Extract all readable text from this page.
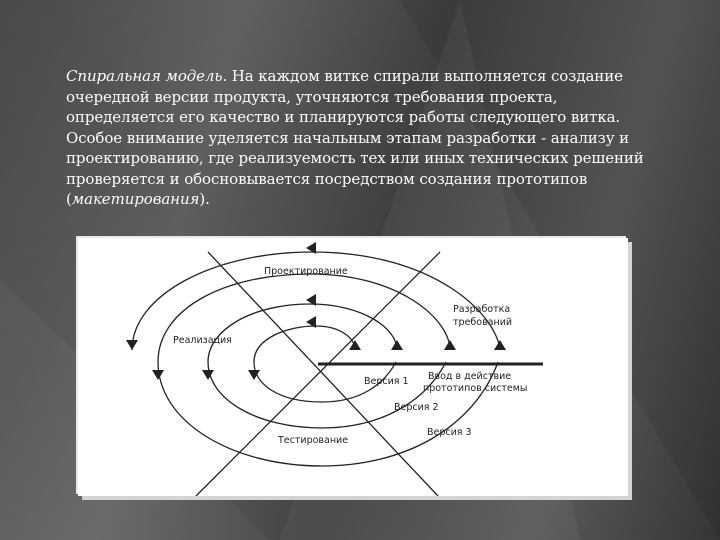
Спиральная модель. На каждом витке спирали выполняется создание очередной версии продукта, уточняются требования проекта, определяется его качество и планируются работы следующего витка. Особое внимание уделяется начальным этапам разработки - анализу и проектированию, где реализуемость тех или иных технических решений проверяется и обосновывается посредством создания прототипов (макетирования).

Проектирование
Разработка
требований
Реализация
Версия 1 Ввод в действие
прототипов системы
Версия 2
Тестирование
Версия 3
